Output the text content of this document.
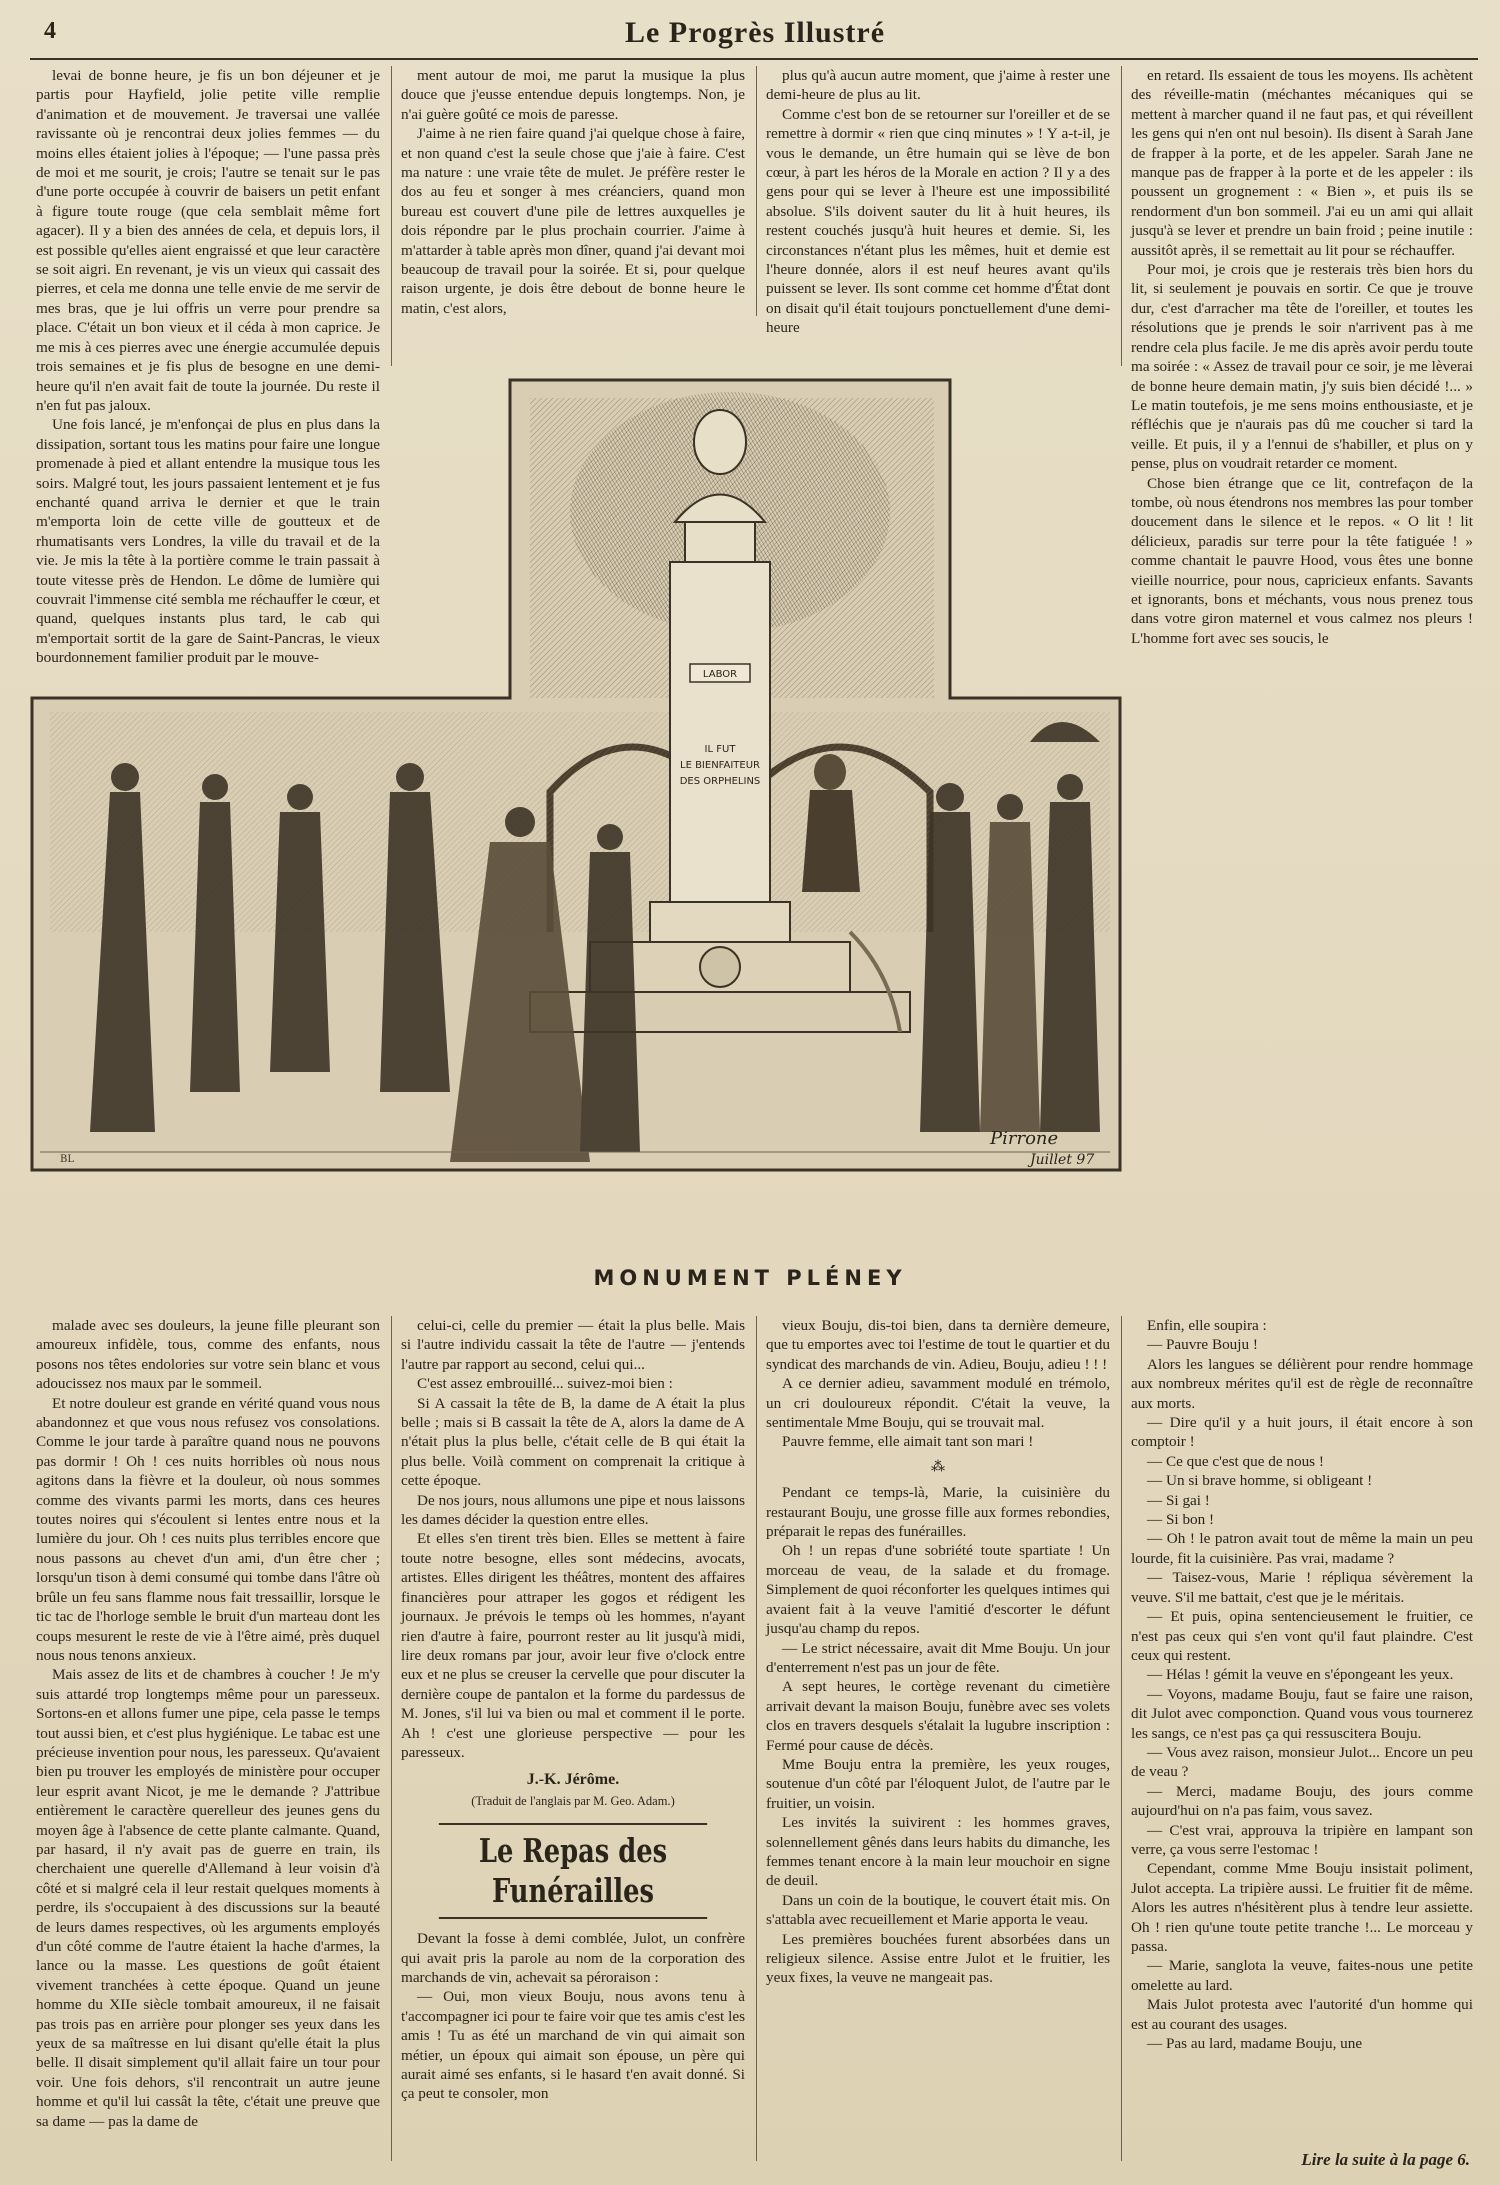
4	Le Progrès Illustré

levai de bonne heure, je fis un bon déjeuner et je partis pour Hayfield, jolie petite ville remplie d'animation et de mouvement. Je traversai une vallée ravissante où je rencontrai deux jolies femmes — du moins elles étaient jolies à l'époque; — l'une passa près de moi et me sourit, je crois; l'autre se tenait sur le pas d'une porte occupée à couvrir de baisers un petit enfant à figure toute rouge (que cela semblait même fort agacer). Il y a bien des années de cela, et depuis lors, il est possible qu'elles aient engraissé et que leur caractère se soit aigri. En revenant, je vis un vieux qui cassait des pierres, et cela me donna une telle envie de me servir de mes bras, que je lui offris un verre pour prendre sa place. C'était un bon vieux et il céda à mon caprice. Je me mis à ces pierres avec une énergie accumulée depuis trois semaines et je fis plus de besogne en une demi-heure qu'il n'en avait fait de toute la journée. Du reste il n'en fut pas jaloux.

Une fois lancé, je m'enfonçai de plus en plus dans la dissipation, sortant tous les matins pour faire une longue promenade à pied et allant entendre la musique tous les soirs. Malgré tout, les jours passaient lentement et je fus enchanté quand arriva le dernier et que le train m'emporta loin de cette ville de goutteux et de rhumatisants vers Londres, la ville du travail et de la vie. Je mis la tête à la portière comme le train passait à toute vitesse près de Hendon. Le dôme de lumière qui couvrait l'immense cité sembla me réchauffer le cœur, et quand, quelques instants plus tard, le cab qui m'emportait sortit de la gare de Saint-Pancras, le vieux bourdonnement familier produit par le mouve-

ment autour de moi, me parut la musique la plus douce que j'eusse entendue depuis longtemps. Non, je n'ai guère goûté ce mois de paresse.

J'aime à ne rien faire quand j'ai quelque chose à faire, et non quand c'est la seule chose que j'aie à faire. C'est ma nature : une vraie tête de mulet. Je préfère rester le dos au feu et songer à mes créanciers, quand mon bureau est couvert d'une pile de lettres auxquelles je dois répondre par le plus prochain courrier. J'aime à m'attarder à table après mon dîner, quand j'ai devant moi beaucoup de travail pour la soirée. Et si, pour quelque raison urgente, je dois être debout de bonne heure le matin, c'est alors,

plus qu'à aucun autre moment, que j'aime à rester une demi-heure de plus au lit.

Comme c'est bon de se retourner sur l'oreiller et de se remettre à dormir « rien que cinq minutes » ! Y a-t-il, je vous le demande, un être humain qui se lève de bon cœur, à part les héros de la Morale en action ? Il y a des gens pour qui se lever à l'heure est une impossibilité absolue. S'ils doivent sauter du lit à huit heures, ils restent couchés jusqu'à huit heures et demie. Si, les circonstances n'étant plus les mêmes, huit et demie est l'heure donnée, alors il est neuf heures avant qu'ils puissent se lever. Ils sont comme cet homme d'État dont on disait qu'il était toujours ponctuellement d'une demi-heure

en retard. Ils essaient de tous les moyens. Ils achètent des réveille-matin (méchantes mécaniques qui se mettent à marcher quand il ne faut pas, et qui réveillent les gens qui n'en ont nul besoin). Ils disent à Sarah Jane de frapper à la porte, et de les appeler. Sarah Jane ne manque pas de frapper à la porte et de les appeler : ils poussent un grognement : « Bien », et puis ils se rendorment d'un bon sommeil. J'ai eu un ami qui allait jusqu'à se lever et prendre un bain froid ; peine inutile : aussitôt après, il se remettait au lit pour se réchauffer.

Pour moi, je crois que je resterais très bien hors du lit, si seulement je pouvais en sortir. Ce que je trouve dur, c'est d'arracher ma tête de l'oreiller, et toutes les résolutions que je prends le soir n'arrivent pas à me rendre cela plus facile. Je me dis après avoir perdu toute ma soirée : « Assez de travail pour ce soir, je me lèverai de bonne heure demain matin, j'y suis bien décidé !... » Le matin toutefois, je me sens moins enthousiaste, et je réfléchis que je n'aurais pas dû me coucher si tard la veille. Et puis, il y a l'ennui de s'habiller, et plus on y pense, plus on voudrait retarder ce moment.

Chose bien étrange que ce lit, contrefaçon de la tombe, où nous étendrons nos membres las pour tomber doucement dans le silence et le repos. « O lit ! lit délicieux, paradis sur terre pour la tête fatiguée ! » comme chantait le pauvre Hood, vous êtes une bonne vieille nourrice, pour nous, capricieux enfants. Savants et ignorants, bons et méchants, vous nous prenez tous dans votre giron maternel et vous calmez nos pleurs ! L'homme fort avec ses soucis, le

LABOR
IL FUT
LE BIENFAITEUR
DES ORPHELINS
BL
Pirrone
Juillet 97
MONUMENT PLÉNEY

malade avec ses douleurs, la jeune fille pleurant son amoureux infidèle, tous, comme des enfants, nous posons nos têtes endolories sur votre sein blanc et vous adoucissez nos maux par le sommeil.

Et notre douleur est grande en vérité quand vous nous abandonnez et que vous nous refusez vos consolations. Comme le jour tarde à paraître quand nous ne pouvons pas dormir ! Oh ! ces nuits horribles où nous nous agitons dans la fièvre et la douleur, où nous sommes comme des vivants parmi les morts, dans ces heures toutes noires qui s'écoulent si lentes entre nous et la lumière du jour. Oh ! ces nuits plus terribles encore que nous passons au chevet d'un ami, d'un être cher ; lorsqu'un tison à demi consumé qui tombe dans l'âtre où brûle un feu sans flamme nous fait tressaillir, lorsque le tic tac de l'horloge semble le bruit d'un marteau dont les coups mesurent le reste de vie à l'être aimé, près duquel nous nous tenons anxieux.

Mais assez de lits et de chambres à coucher ! Je m'y suis attardé trop longtemps même pour un paresseux. Sortons-en et allons fumer une pipe, cela passe le temps tout aussi bien, et c'est plus hygiénique. Le tabac est une précieuse invention pour nous, les paresseux. Qu'avaient bien pu trouver les employés de ministère pour occuper leur esprit avant Nicot, je me le demande ? J'attribue entièrement le caractère querelleur des jeunes gens du moyen âge à l'absence de cette plante calmante. Quand, par hasard, il n'y avait pas de guerre en train, ils cherchaient une querelle d'Allemand à leur voisin d'à côté et si malgré cela il leur restait quelques moments à perdre, ils s'occupaient à des discussions sur la beauté de leurs dames respectives, où les arguments employés d'un côté comme de l'autre étaient la hache d'armes, la lance ou la masse. Les questions de goût étaient vivement tranchées à cette époque. Quand un jeune homme du XIIe siècle tombait amoureux, il ne faisait pas trois pas en arrière pour plonger ses yeux dans les yeux de sa maîtresse en lui disant qu'elle était la plus belle. Il disait simplement qu'il allait faire un tour pour voir. Une fois dehors, s'il rencontrait un autre jeune homme et qu'il lui cassât la tête, c'était une preuve que sa dame — pas la dame de

celui-ci, celle du premier — était la plus belle. Mais si l'autre individu cassait la tête de l'autre — j'entends l'autre par rapport au second, celui qui...

C'est assez embrouillé... suivez-moi bien :

Si A cassait la tête de B, la dame de A était la plus belle ; mais si B cassait la tête de A, alors la dame de A n'était plus la plus belle, c'était celle de B qui était la plus belle. Voilà comment on comprenait la critique à cette époque.

De nos jours, nous allumons une pipe et nous laissons les dames décider la question entre elles.

Et elles s'en tirent très bien. Elles se mettent à faire toute notre besogne, elles sont médecins, avocats, artistes. Elles dirigent les théâtres, montent des affaires financières pour attraper les gogos et rédigent les journaux. Je prévois le temps où les hommes, n'ayant rien d'autre à faire, pourront rester au lit jusqu'à midi, lire deux romans par jour, avoir leur five o'clock entre eux et ne plus se creuser la cervelle que pour discuter la dernière coupe de pantalon et la forme du pardessus de M. Jones, s'il lui va bien ou mal et comment il le porte. Ah ! c'est une glorieuse perspective — pour les paresseux.

J.-K. Jérôme.
(Traduit de l'anglais par M. Geo. Adam.)
Le Repas des Funérailles

Devant la fosse à demi comblée, Julot, un confrère qui avait pris la parole au nom de la corporation des marchands de vin, achevait sa péroraison :

— Oui, mon vieux Bouju, nous avons tenu à t'accompagner ici pour te faire voir que tes amis c'est les amis ! Tu as été un marchand de vin qui aimait son métier, un époux qui aimait son épouse, un père qui aurait aimé ses enfants, si le hasard t'en avait donné. Si ça peut te consoler, mon

vieux Bouju, dis-toi bien, dans ta dernière demeure, que tu emportes avec toi l'estime de tout le quartier et du syndicat des marchands de vin. Adieu, Bouju, adieu ! ! !

A ce dernier adieu, savamment modulé en trémolo, un cri douloureux répondit. C'était la veuve, la sentimentale Mme Bouju, qui se trouvait mal.

Pauvre femme, elle aimait tant son mari !

⁂

Pendant ce temps-là, Marie, la cuisinière du restaurant Bouju, une grosse fille aux formes rebondies, préparait le repas des funérailles.

Oh ! un repas d'une sobriété toute spartiate ! Un morceau de veau, de la salade et du fromage. Simplement de quoi réconforter les quelques intimes qui avaient fait à la veuve l'amitié d'escorter le défunt jusqu'au champ du repos.

— Le strict nécessaire, avait dit Mme Bouju. Un jour d'enterrement n'est pas un jour de fête.

A sept heures, le cortège revenant du cimetière arrivait devant la maison Bouju, funèbre avec ses volets clos en travers desquels s'étalait la lugubre inscription : Fermé pour cause de décès.

Mme Bouju entra la première, les yeux rouges, soutenue d'un côté par l'éloquent Julot, de l'autre par le fruitier, un voisin.

Les invités la suivirent : les hommes graves, solennellement gênés dans leurs habits du dimanche, les femmes tenant encore à la main leur mouchoir en signe de deuil.

Dans un coin de la boutique, le couvert était mis. On s'attabla avec recueillement et Marie apporta le veau.

Les premières bouchées furent absorbées dans un religieux silence. Assise entre Julot et le fruitier, les yeux fixes, la veuve ne mangeait pas.

Enfin, elle soupira :

— Pauvre Bouju !

Alors les langues se délièrent pour rendre hommage aux nombreux mérites qu'il est de règle de reconnaître aux morts.

— Dire qu'il y a huit jours, il était encore à son comptoir !

— Ce que c'est que de nous !

— Un si brave homme, si obligeant !

— Si gai !

— Si bon !

— Oh ! le patron avait tout de même la main un peu lourde, fit la cuisinière. Pas vrai, madame ?

— Taisez-vous, Marie ! répliqua sévèrement la veuve. S'il me battait, c'est que je le méritais.

— Et puis, opina sentencieusement le fruitier, ce n'est pas ceux qui s'en vont qu'il faut plaindre. C'est ceux qui restent.

— Hélas ! gémit la veuve en s'épongeant les yeux.

— Voyons, madame Bouju, faut se faire une raison, dit Julot avec componction. Quand vous vous tournerez les sangs, ce n'est pas ça qui ressuscitera Bouju.

— Vous avez raison, monsieur Julot... Encore un peu de veau ?

— Merci, madame Bouju, des jours comme aujourd'hui on n'a pas faim, vous savez.

— C'est vrai, approuva la tripière en lampant son verre, ça vous serre l'estomac !

Cependant, comme Mme Bouju insistait poliment, Julot accepta. La tripière aussi. Le fruitier fit de même. Alors les autres n'hésitèrent plus à tendre leur assiette. Oh ! rien qu'une toute petite tranche !... Le morceau y passa.

— Marie, sanglota la veuve, faites-nous une petite omelette au lard.

Mais Julot protesta avec l'autorité d'un homme qui est au courant des usages.

— Pas au lard, madame Bouju, une

Lire la suite à la page 6.
